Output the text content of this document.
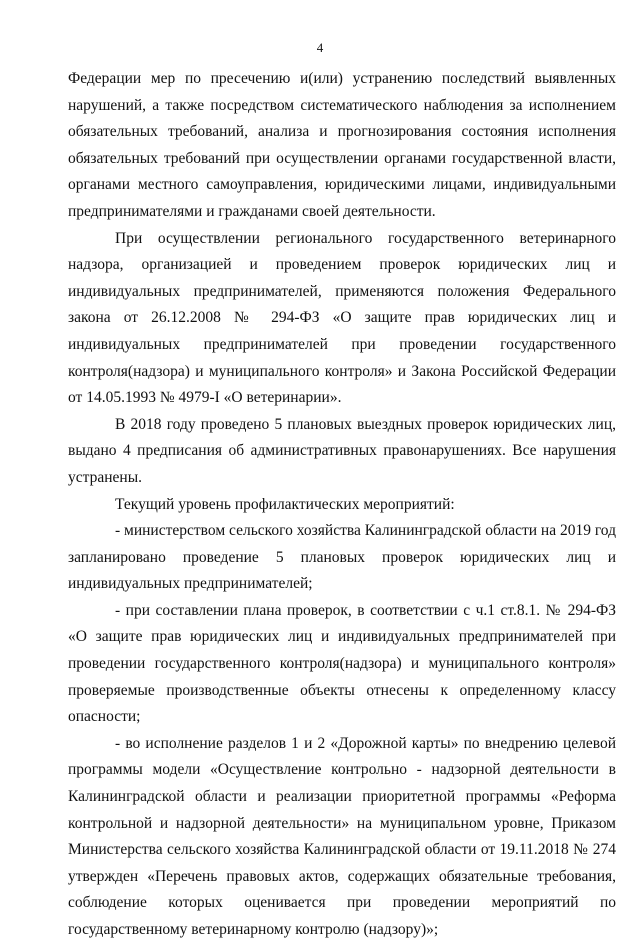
4

Федерации мер по пресечению и(или) устранению последствий выявленных нарушений, а также посредством систематического наблюдения за исполнением обязательных требований, анализа и прогнозирования состояния исполнения обязательных требований при осуществлении органами государственной власти, органами местного самоуправления, юридическими лицами, индивидуальными предпринимателями и гражданами своей деятельности.

При осуществлении регионального государственного ветеринарного надзора, организацией и проведением проверок юридических лиц и индивидуальных предпринимателей, применяются положения Федерального закона от 26.12.2008 № 294-ФЗ «О защите прав юридических лиц и индивидуальных предпринимателей при проведении государственного контроля(надзора) и муниципального контроля» и Закона Российской Федерации от 14.05.1993 № 4979-I «О ветеринарии».

В 2018 году проведено 5 плановых выездных проверок юридических лиц, выдано 4 предписания об административных правонарушениях. Все нарушения устранены.

Текущий уровень профилактических мероприятий:

- министерством сельского хозяйства Калининградской области на 2019 год запланировано проведение 5 плановых проверок юридических лиц и индивидуальных предпринимателей;

- при составлении плана проверок, в соответствии с ч.1 ст.8.1. № 294-ФЗ «О защите прав юридических лиц и индивидуальных предпринимателей при проведении государственного контроля(надзора) и муниципального контроля» проверяемые производственные объекты отнесены к определенному классу опасности;

- во исполнение разделов 1 и 2 «Дорожной карты» по внедрению целевой программы модели «Осуществление контрольно - надзорной деятельности в Калининградской области и реализации приоритетной программы «Реформа контрольной и надзорной деятельности» на муниципальном уровне, Приказом Министерства сельского хозяйства Калининградской области от 19.11.2018 № 274 утвержден «Перечень правовых актов, содержащих обязательные требования, соблюдение которых оценивается при проведении мероприятий по государственному ветеринарному контролю (надзору)»;
